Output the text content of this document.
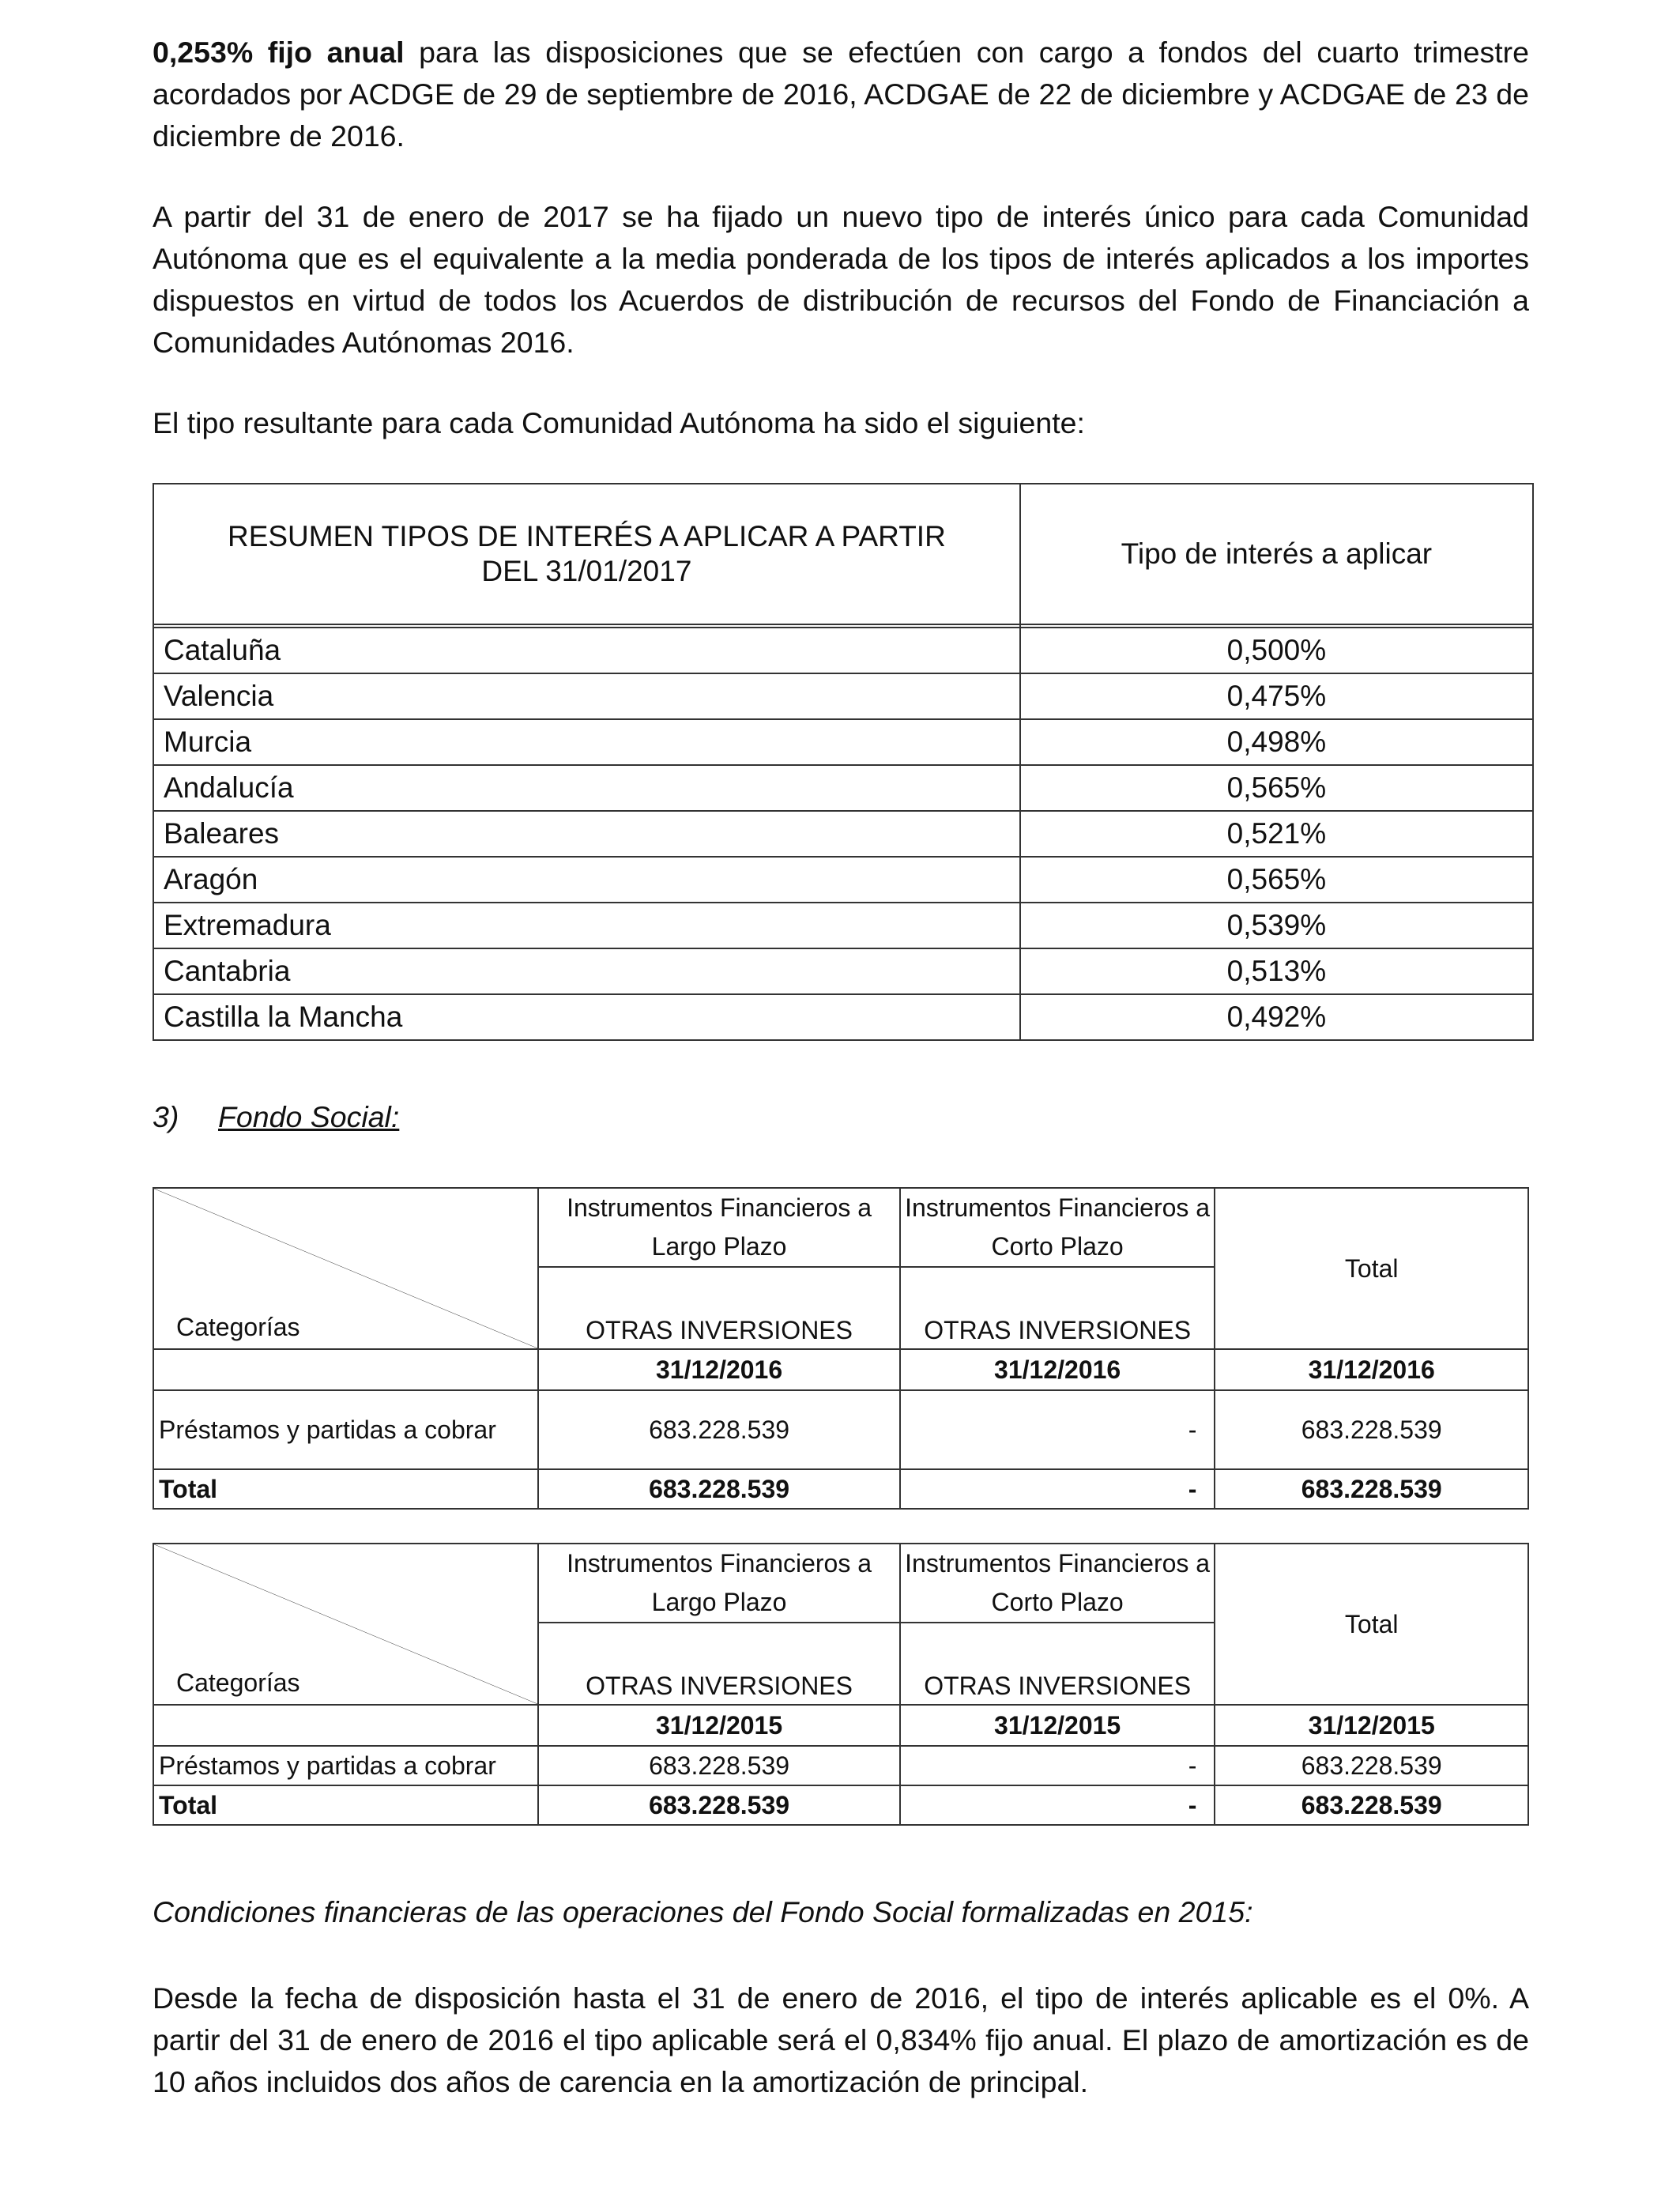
0,253% fijo anual para las disposiciones que se efectúen con cargo a fondos del cuarto trimestre acordados por ACDGE de 29 de septiembre de 2016, ACDGAE de 22 de diciembre y ACDGAE de 23 de diciembre de 2016.

A partir del 31 de enero de 2017 se ha fijado un nuevo tipo de interés único para cada Comunidad Autónoma que es el equivalente a la media ponderada de los tipos de interés aplicados a los importes dispuestos en virtud de todos los Acuerdos de distribución de recursos del Fondo de Financiación a Comunidades Autónomas 2016.

El tipo resultante para cada Comunidad Autónoma ha sido el siguiente:

RESUMEN TIPOS DE INTERÉS A APLICAR A PARTIR DEL 31/01/2017	Tipo de interés a aplicar

Cataluña	0,500%
Valencia	0,475%
Murcia	0,498%
Andalucía	0,565%
Baleares	0,521%
Aragón	0,565%
Extremadura	0,539%
Cantabria	0,513%
Castilla la Mancha	0,492%
3) Fondo Social:
Categorías	Instrumentos Financieros a Largo Plazo	Instrumentos Financieros a Corto Plazo	Total
	OTRAS INVERSIONES	OTRAS INVERSIONES	
	31/12/2016	31/12/2016	31/12/2016
Préstamos y partidas a cobrar	683.228.539	-	683.228.539
Total	683.228.539	-	683.228.539
Categorías	Instrumentos Financieros a Largo Plazo	Instrumentos Financieros a Corto Plazo	Total
	OTRAS INVERSIONES	OTRAS INVERSIONES	
	31/12/2015	31/12/2015	31/12/2015
Préstamos y partidas a cobrar	683.228.539	-	683.228.539
Total	683.228.539	-	683.228.539
Condiciones financieras de las operaciones del Fondo Social formalizadas en 2015:

Desde la fecha de disposición hasta el 31 de enero de 2016, el tipo de interés aplicable es el 0%. A partir del 31 de enero de 2016 el tipo aplicable será el 0,834% fijo anual. El plazo de amortización es de 10 años incluidos dos años de carencia en la amortización de principal.
